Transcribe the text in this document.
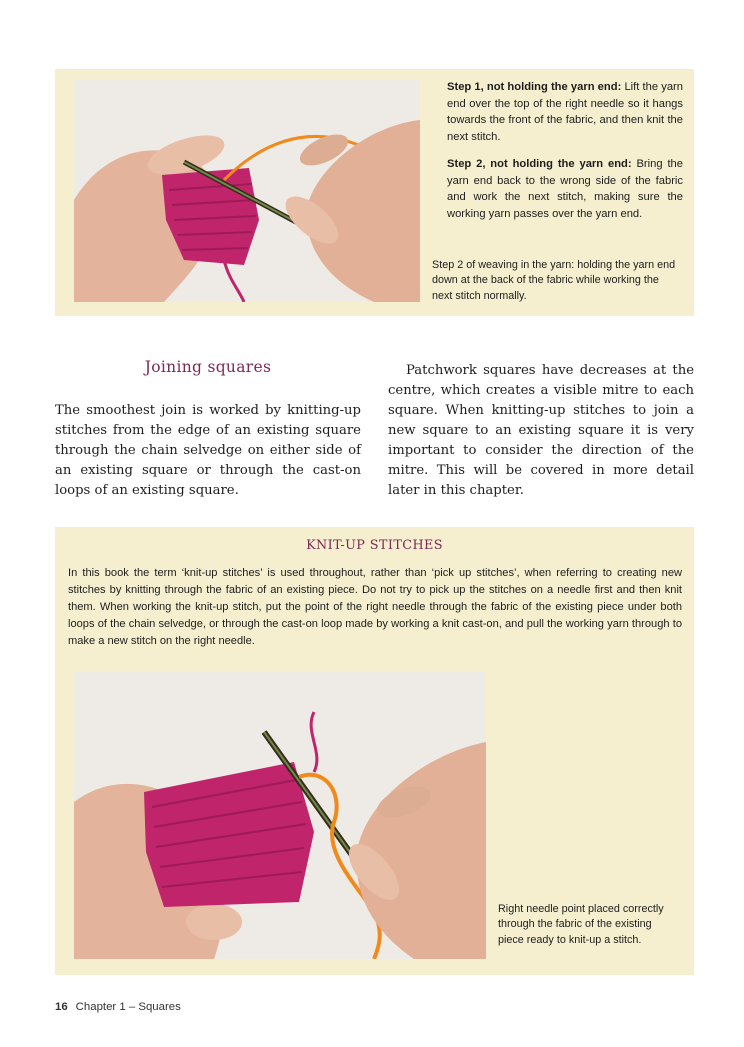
Step 1, not holding the yarn end: Lift the yarn end over the top of the right needle so it hangs towards the front of the fabric, and then knit the next stitch.
Step 2, not holding the yarn end: Bring the yarn end back to the wrong side of the fabric and work the next stitch, making sure the working yarn passes over the yarn end.
Step 2 of weaving in the yarn: holding the yarn end down at the back of the fabric while working the next stitch normally.
Joining squares
The smoothest join is worked by knitting-up stitches from the edge of an existing square through the chain selvedge on either side of an existing square or through the cast-on loops of an existing square.
Patchwork squares have decreases at the centre, which creates a visible mitre to each square. When knitting-up stitches to join a new square to an existing square it is very important to consider the direction of the mitre. This will be covered in more detail later in this chapter.
KNIT-UP STITCHES
In this book the term ‘knit-up stitches’ is used throughout, rather than ‘pick up stitches’, when referring to creating new stitches by knitting through the fabric of an existing piece. Do not try to pick up the stitches on a needle first and then knit them. When working the knit-up stitch, put the point of the right needle through the fabric of the existing piece under both loops of the chain selvedge, or through the cast-on loop made by working a knit cast-on, and pull the working yarn through to make a new stitch on the right needle.
Right needle point placed correctly through the fabric of the existing piece ready to knit-up a stitch.
16 Chapter 1 – Squares
